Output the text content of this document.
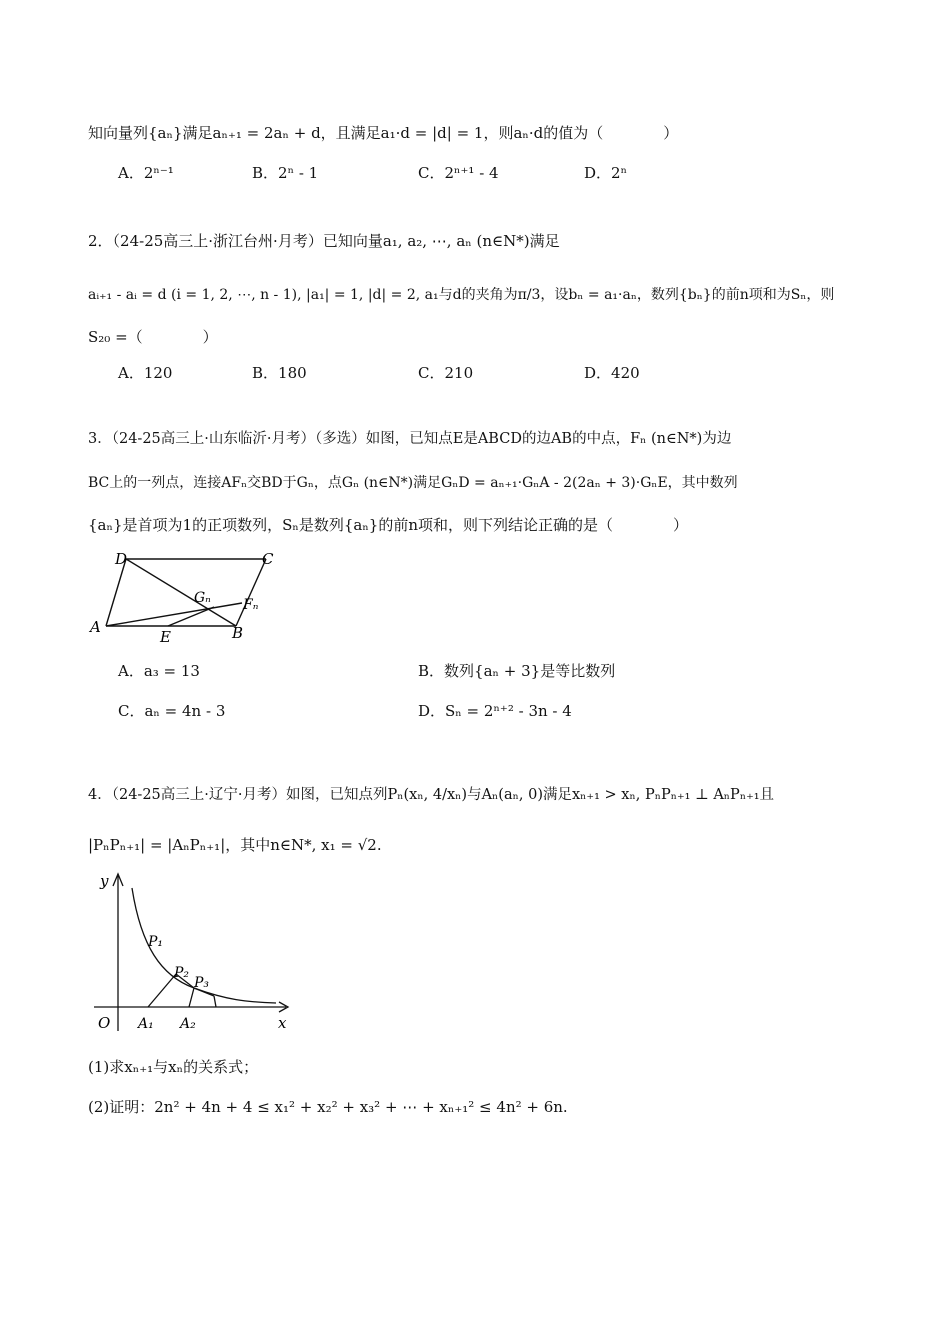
知向量列{aₙ}满足aₙ₊₁ = 2aₙ + d，且满足a₁·d = |d| = 1，则aₙ·d的值为（　　　　）
A．2ⁿ⁻¹	B．2ⁿ - 1	C．2ⁿ⁺¹ - 4	D．2ⁿ
2．（24-25高三上·浙江台州·月考）已知向量a₁, a₂, ⋯, aₙ (n∈N*)满足
aᵢ₊₁ - aᵢ = d (i = 1, 2, ⋯, n - 1), |a₁| = 1, |d| = 2, a₁与d的夹角为π/3，设bₙ = a₁·aₙ，数列{bₙ}的前n项和为Sₙ，则
S₂₀ =（　　　　）
A．120	B．180	C．210	D．420
3．（24-25高三上·山东临沂·月考）（多选）如图，已知点E是ABCD的边AB的中点，Fₙ (n∈N*)为边
BC上的一列点，连接AFₙ交BD于Gₙ，点Gₙ (n∈N*)满足GₙD = aₙ₊₁·GₙA - 2(2aₙ + 3)·GₙE，其中数列
{aₙ}是首项为1的正项数列，Sₙ是数列{aₙ}的前n项和，则下列结论正确的是（　　　　）
D	C
Gₙ Fₙ
A
E	B
A．a₃ = 13	B．数列{aₙ + 3}是等比数列
C．aₙ = 4n - 3	D．Sₙ = 2ⁿ⁺² - 3n - 4
4．（24-25高三上·辽宁·月考）如图，已知点列Pₙ(xₙ, 4/xₙ)与Aₙ(aₙ, 0)满足xₙ₊₁ > xₙ, PₙPₙ₊₁ ⊥ AₙPₙ₊₁且
|PₙPₙ₊₁| = |AₙPₙ₊₁|，其中n∈N*, x₁ = √2.
y
P₁
P₂
P₃
O A₁ A₂	x
(1)求xₙ₊₁与xₙ的关系式；
(2)证明：2n² + 4n + 4 ≤ x₁² + x₂² + x₃² + ⋯ + xₙ₊₁² ≤ 4n² + 6n.
